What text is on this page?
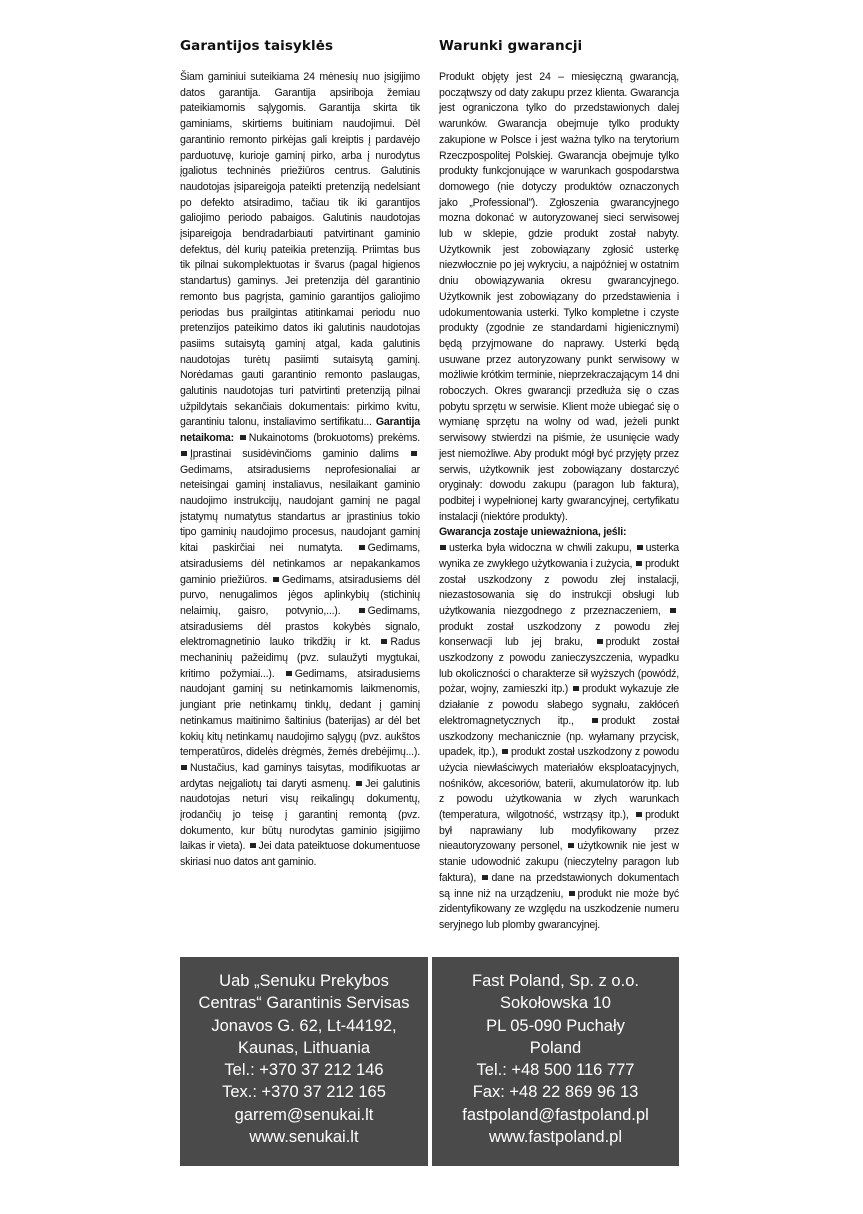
Garantijos taisyklės
Šiam gaminiui suteikiama 24 mėnesių nuo įsigijimo datos garantija. Garantija apsiriboja žemiau pateikiamomis sąlygomis. Garantija skirta tik gaminiams, skirtiems buitiniam naudojimui. Dėl garantinio remonto pirkėjas gali kreiptis į pardavėjo parduotuvę, kurioje gaminį pirko, arba į nurodytus įgaliotus techninės priežiūros centrus. Galutinis naudotojas įsipareigoja pateikti pretenziją nedelsiant po defekto atsiradimo, tačiau tik iki garantijos galiojimo periodo pabaigos. Galutinis naudotojas įsipareigoja bendradarbiauti patvirtinant gaminio defektus, dėl kurių pateikia pretenziją. Priimtas bus tik pilnai sukomplektuotas ir švarus (pagal higienos standartus) gaminys. Jei pretenzija dėl garantinio remonto bus pagrįsta, gaminio garantijos galiojimo periodas bus prailgintas atitinkamai periodu nuo pretenzijos pateikimo datos iki galutinis naudotojas pasiims sutaisytą gaminį atgal, kada galutinis naudotojas turėtų pasiimti sutaisytą gaminį. Norėdamas gauti garantinio remonto paslaugas, galutinis naudotojas turi patvirtinti pretenziją pilnai užpildytais sekančiais dokumentais: pirkimo kvitu, garantiniu talonu, instaliavimo sertifikatu... Garantija netaikoma: Nukainotoms (brokuotoms) prekėms. Įprastinai susidėvinčioms gaminio dalims Gedimams, atsiradusiems neprofesionaliai ar neteisingai gaminį instaliavus, nesilaikant gaminio naudojimo instrukcijų, naudojant gaminį ne pagal įstatymų numatytus standartus ar įprastinius tokio tipo gaminių naudojimo procesus, naudojant gaminį kitai paskirčiai nei numatyta. Gedimams, atsiradusiems dėl netinkamos ar nepakankamos gaminio priežiūros. Gedimams, atsiradusiems dėl purvo, nenugalimos jėgos aplinkybių (stichinių nelaimių, gaisro, potvynio,...).	Gedimams, atsiradusiems dėl prastos kokybės signalo, elektromagnetinio lauko trikdžių ir kt. Radus mechaninių pažeidimų (pvz. sulaužyti mygtukai, kritimo požymiai...). Gedimams, atsiradusiems naudojant gaminį su netinkamomis laikmenomis, jungiant prie netinkamų tinklų, dedant į gaminį netinkamus maitinimo šaltinius (baterijas) ar dėl bet kokių kitų netinkamų naudojimo sąlygų (pvz. aukštos temperatūros, didelės drėgmės, žemės drebėjimų...). Nustačius, kad gaminys taisytas, modifikuotas ar ardytas neįgaliotų tai daryti asmenų. Jei galutinis naudotojas neturi visų reikalingų dokumentų, įrodančių jo teisę į garantinį remontą (pvz. dokumento, kur būtų nurodytas gaminio įsigijimo laikas ir vieta). Jei data pateiktuose dokumentuose skiriasi nuo datos ant gaminio.
Warunki gwarancji
Produkt objęty jest 24 – miesięczną gwarancją, początwszy od daty zakupu przez klienta. Gwarancja jest ograniczona tylko do przedstawionych dalej warunków. Gwarancja obejmuje tylko produkty zakupione w Polsce i jest ważna tylko na terytorium Rzeczpospolitej Polskiej. Gwarancja obejmuje tylko produkty funkcjonujące w warunkach gospodarstwa domowego (nie dotyczy produktów oznaczonych jako „Professional”). Zgłoszenia gwarancyjnego mozna dokonać w autoryzowanej sieci serwisowej lub w sklepie, gdzie produkt został nabyty. Użytkownik jest zobowiązany zgłosić usterkę niezwłocznie po jej wykryciu, a najpóźniej w ostatnim dniu obowiązywania okresu gwarancyjnego. Użytkownik jest zobowiązany do przedstawienia i udokumentowania usterki. Tylko kompletne i czyste produkty (zgodnie ze standardami higienicznymi) będą przyjmowane do naprawy. Usterki będą usuwane przez autoryzowany punkt serwisowy w możliwie krótkim terminie, nieprzekraczającym 14 dni roboczych. Okres gwarancji przedłuża się o czas pobytu sprzętu w serwisie. Klient może ubiegać się o wymianę sprzętu na wolny od wad, jeżeli punkt serwisowy stwierdzi na piśmie, że usunięcie wady jest niemożliwe. Aby produkt mógł być przyjęty przez serwis, użytkownik jest zobowiązany dostarczyć oryginały: dowodu zakupu (paragon lub faktura), podbitej i wypełnionej karty gwarancyjnej, certyfikatu instalacji (niektóre produkty).
Gwarancja zostaje unieważniona, jeśli:
usterka była widoczna w chwili zakupu, usterka wynika ze zwykłego użytkowania i zużycia, produkt został uszkodzony z powodu złej instalacji, niezastosowania się do instrukcji obsługi lub użytkowania niezgodnego z przeznaczeniem, produkt został uszkodzony z powodu złej konserwacji lub jej braku, produkt został uszkodzony z powodu zanieczyszczenia, wypadku lub okoliczności o charakterze sił wyższych (powódź, pożar, wojny, zamieszki itp.) produkt wykazuje złe działanie z powodu słabego sygnału, zakłóceń elektromagnetycznych itp.,	produkt został uszkodzony mechanicznie (np. wyłamany przycisk, upadek, itp.), produkt został uszkodzony z powodu użycia niewłaściwych materiałów eksploatacyjnych, nośników, akcesoriów, baterii, akumulatorów itp. lub z powodu użytkowania w złych warunkach (temperatura, wilgotność, wstrząsy itp.), produkt był naprawiany lub modyfikowany przez nieautoryzowany personel, użytkownik nie jest w stanie udowodnić zakupu (nieczytelny paragon lub faktura), dane na przedstawionych dokumentach są inne niż na urządzeniu, produkt nie może być zidentyfikowany ze względu na uszkodzenie numeru seryjnego lub plomby gwarancyjnej.
Uab „Senuku Prekybos
Centras“ Garantinis Servisas
Jonavos G. 62, Lt-44192,
Kaunas, Lithuania
Tel.: +370 37 212 146
Tex.: +370 37 212 165
garrem@senukai.lt
www.senukai.lt
Fast Poland, Sp. z o.o.
Sokołowska 10
PL 05-090 Puchały
Poland
Tel.: +48 500 116 777
Fax: +48 22 869 96 13
fastpoland@fastpoland.pl
www.fastpoland.pl
